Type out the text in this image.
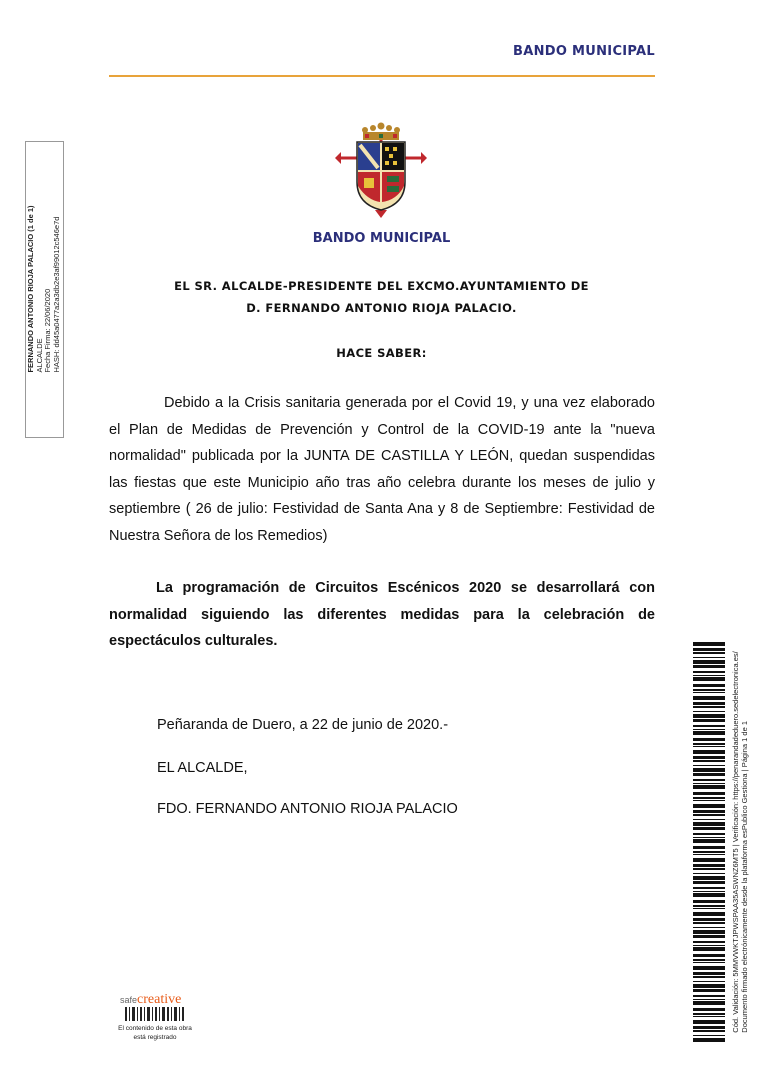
BANDO MUNICIPAL
FERNANDO ANTONIO RIOJA PALACIO (1 de 1) ALCALDE Fecha Firma: 22/06/2020 HASH: dd45a0477a2a3db2e3af99012c546e7d	BANDO MUNICIPAL
EL SR. ALCALDE-PRESIDENTE DEL EXCMO.AYUNTAMIENTO DE
D. FERNANDO ANTONIO RIOJA PALACIO.
HACE SABER:
Debido a la Crisis sanitaria generada por el Covid 19, y una vez elaborado el Plan de Medidas de Prevención y Control de la COVID-19 ante la "nueva normalidad" publicada por la JUNTA DE CASTILLA Y LEÓN, quedan suspendidas las fiestas que este Municipio año tras año celebra durante los meses de julio y septiembre ( 26 de julio: Festividad de Santa Ana y 8 de Septiembre: Festividad de Nuestra Señora de los Remedios)
La programación de Circuitos Escénicos 2020 se desarrollará con normalidad siguiendo las diferentes medidas para la celebración de espectáculos culturales.
Peñaranda de Duero, a 22 de junio de 2020.-
EL ALCALDE,
FDO. FERNANDO ANTONIO RIOJA PALACIO	Cód. Validación: 5MMVWKTJPWSPAA35ASWNZ6MT5 | Verificación: https://penarandadeduero.sedelectronica.es/ Documento firmado electrónicamente desde la plataforma esPublico Gestiona | Página 1 de 1
safecreative
El contenido de esta obra
está registrado
